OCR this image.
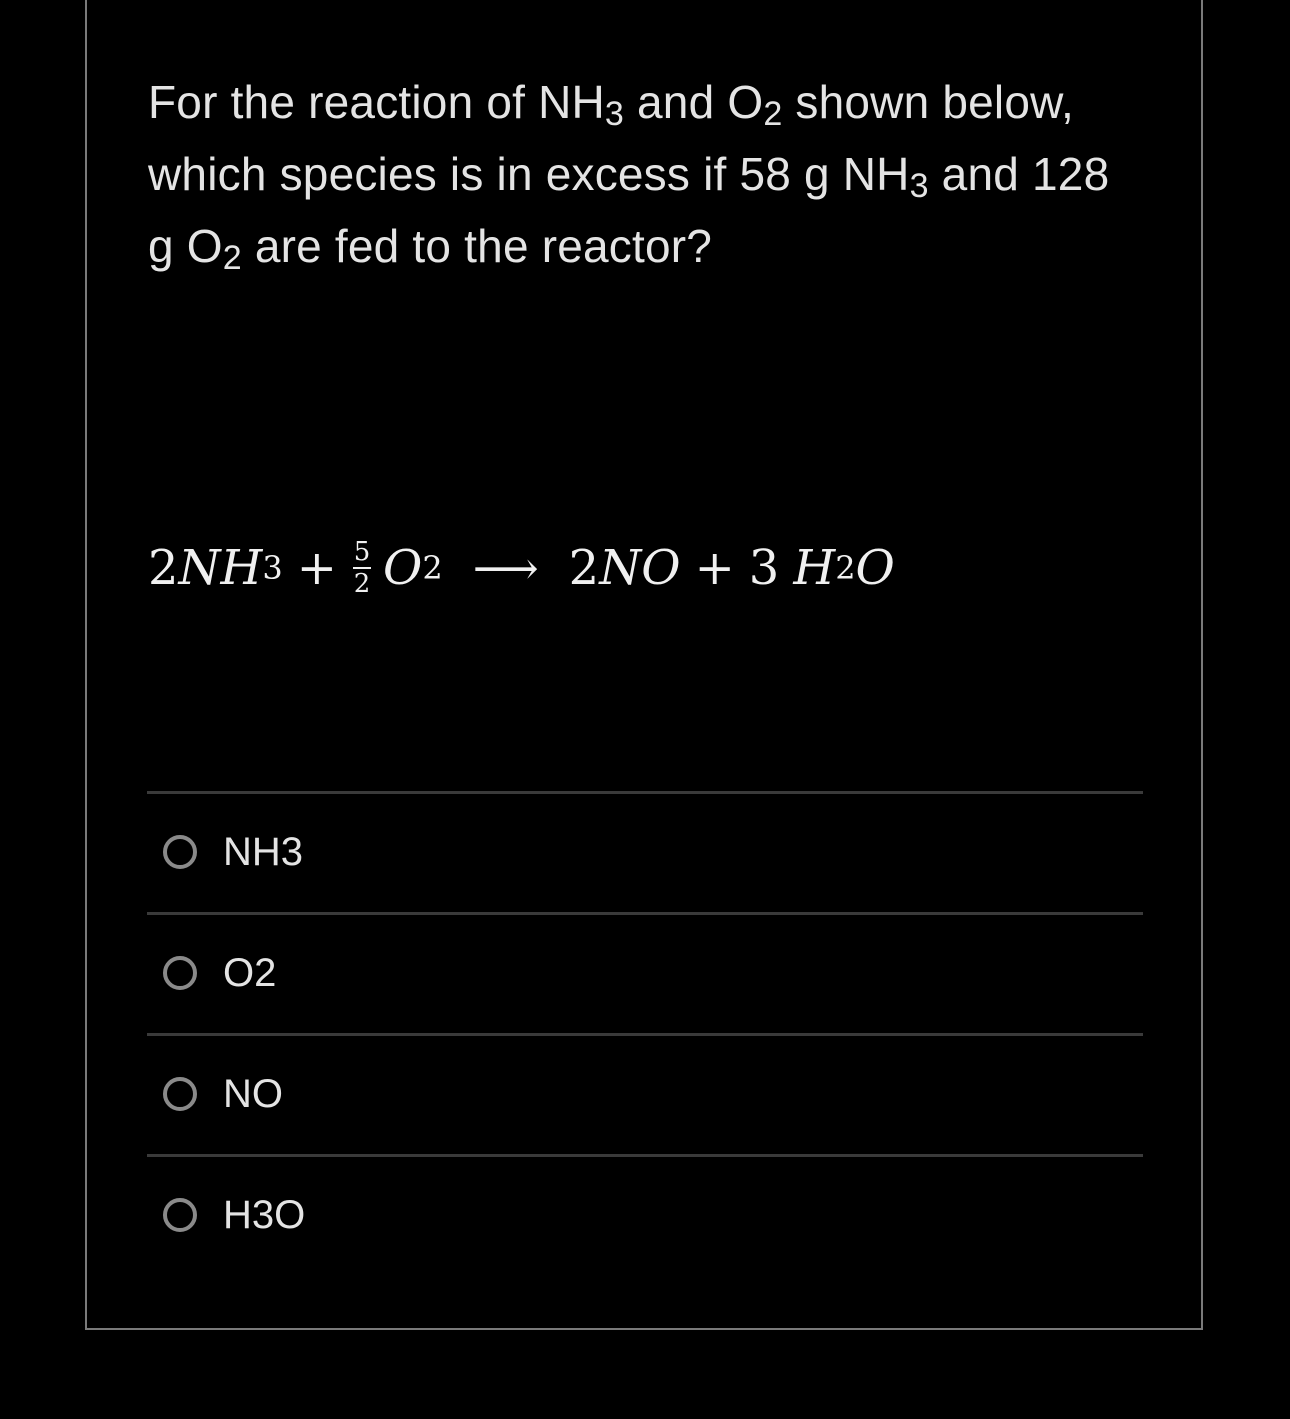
For the reaction of $NH_3$ and $O_2$ shown below,
which species is in excess if 58 g $NH_3$ and 128
g $O_2$ are fed to the reactor?
2 NH $3 + \frac{5}{2}$ O 2 ⟶ 2 NO + 3 H 2 O
NH3
O2
NO
H3O
